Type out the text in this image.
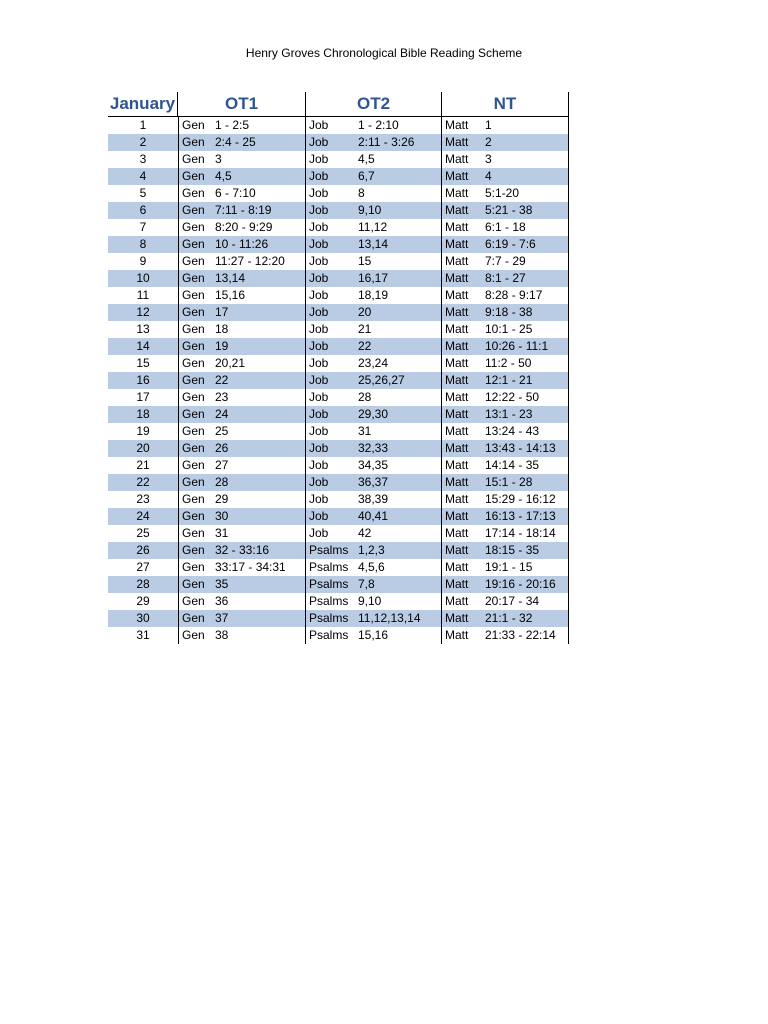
Henry Groves Chronological Bible Reading Scheme
January	OT1	OT2	NT
1	Gen 1 - 2:5	Job	1 - 2:10	Matt	1
2	Gen 2:4 - 25	Job	2:11 - 3:26	Matt	2
3	Gen 3	Job	4,5	Matt	3
4	Gen 4,5	Job	6,7	Matt	4
5	Gen 6 - 7:10	Job	8	Matt	5:1-20
6	Gen 7:11 - 8:19	Job	9,10	Matt	5:21 - 38
7	Gen 8:20 - 9:29	Job	11,12	Matt	6:1 - 18
8	Gen 10 - 11:26	Job	13,14	Matt	6:19 - 7:6
9	Gen 11:27 - 12:20	Job	15	Matt	7:7 - 29
10	Gen 13,14	Job	16,17	Matt	8:1 - 27
11	Gen 15,16	Job	18,19	Matt	8:28 - 9:17
12	Gen 17	Job	20	Matt	9:18 - 38
13	Gen 18	Job	21	Matt	10:1 - 25
14	Gen 19	Job	22	Matt	10:26 - 11:1
15	Gen 20,21	Job	23,24	Matt	11:2 - 50
16	Gen 22	Job	25,26,27	Matt	12:1 - 21
17	Gen 23	Job	28	Matt	12:22 - 50
18	Gen 24	Job	29,30	Matt	13:1 - 23
19	Gen 25	Job	31	Matt	13:24 - 43
20	Gen 26	Job	32,33	Matt	13:43 - 14:13
21	Gen 27	Job	34,35	Matt	14:14 - 35
22	Gen 28	Job	36,37	Matt	15:1 - 28
23	Gen 29	Job	38,39	Matt	15:29 - 16:12
24	Gen 30	Job	40,41	Matt	16:13 - 17:13
25	Gen 31	Job	42	Matt	17:14 - 18:14
26	Gen 32 - 33:16	Psalms 1,2,3	Matt	18:15 - 35
27	Gen 33:17 - 34:31	Psalms 4,5,6	Matt	19:1 - 15
28	Gen 35	Psalms 7,8	Matt	19:16 - 20:16
29	Gen 36	Psalms 9,10	Matt	20:17 - 34
30	Gen 37	Psalms 11,12,13,14	Matt	21:1 - 32
31	Gen 38	Psalms 15,16	Matt	21:33 - 22:14
